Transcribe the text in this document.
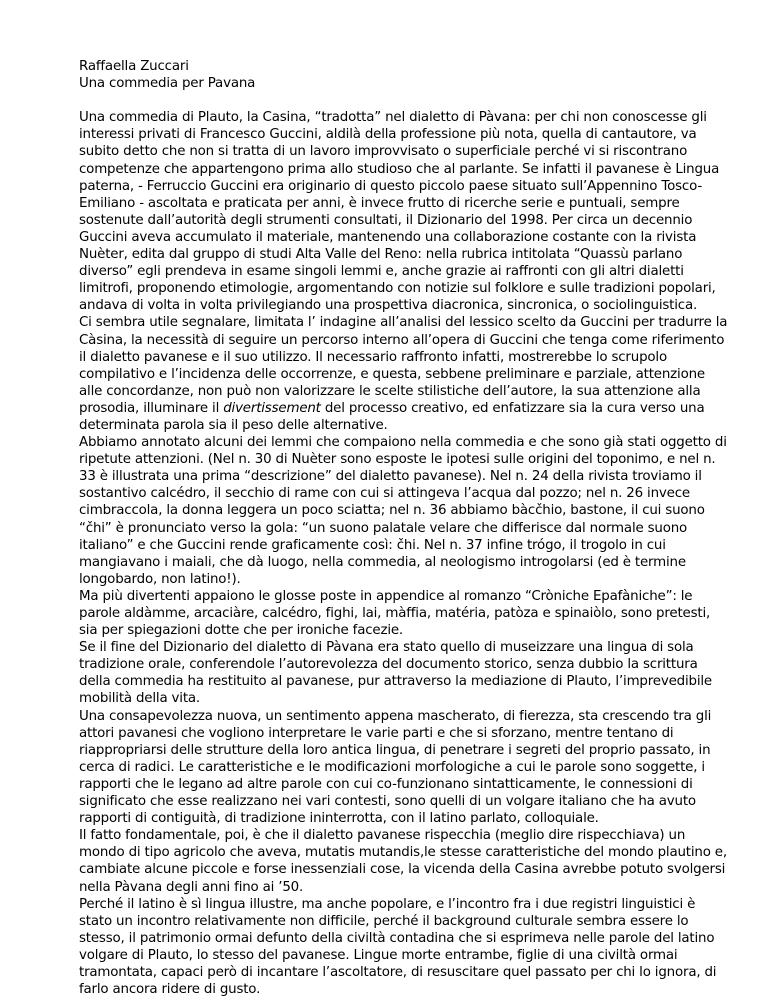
Raffaella Zuccari
Una commedia per Pavana

Una commedia di Plauto, la Casina, “tradotta” nel dialetto di Pàvana: per chi non conoscesse gli interessi privati di Francesco Guccini, aldilà della professione più nota, quella di cantautore, va subito detto che non si tratta di un lavoro improvvisato o superficiale perché vi si riscontrano competenze che appartengono prima allo studioso che al parlante. Se infatti il pavanese è Lingua paterna, - Ferruccio Guccini era originario di questo piccolo paese situato sull’Appennino Tosco-Emiliano - ascoltata e praticata per anni, è invece frutto di ricerche serie e puntuali, sempre sostenute dall’autorità degli strumenti consultati, il Dizionario del 1998. Per circa un decennio Guccini aveva accumulato il materiale, mantenendo una collaborazione costante con la rivista Nuèter, edita dal gruppo di studi Alta Valle del Reno: nella rubrica intitolata “Quassù parlano diverso” egli prendeva in esame singoli lemmi e, anche grazie ai raffronti con gli altri dialetti limitrofi, proponendo etimologie, argomentando con notizie sul folklore e sulle tradizioni popolari, andava di volta in volta privilegiando una prospettiva diacronica, sincronica, o sociolinguistica.

Ci sembra utile segnalare, limitata l’ indagine all’analisi del lessico scelto da Guccini per tradurre la Càsina, la necessità di seguire un percorso interno all’opera di Guccini che tenga come riferimento il dialetto pavanese e il suo utilizzo. Il necessario raffronto infatti, mostrerebbe lo scrupolo compilativo e l’incidenza delle occorrenze, e questa, sebbene preliminare e parziale, attenzione alle concordanze, non può non valorizzare le scelte stilistiche dell’autore, la sua attenzione alla prosodia, illuminare il divertissement del processo creativo, ed enfatizzare sia la cura verso una determinata parola sia il peso delle alternative.

Abbiamo annotato alcuni dei lemmi che compaiono nella commedia e che sono già stati oggetto di ripetute attenzioni. (Nel n. 30 di Nuèter sono esposte le ipotesi sulle origini del toponimo, e nel n. 33 è illustrata una prima “descrizione” del dialetto pavanese). Nel n. 24 della rivista troviamo il sostantivo calcédro, il secchio di rame con cui si attingeva l’acqua dal pozzo; nel n. 26 invece cimbraccola, la donna leggera un poco sciatta; nel n. 36 abbiamo bàcčhio, bastone, il cui suono “čhi” è pronunciato verso la gola: “un suono palatale velare che differisce dal normale suono italiano” e che Guccini rende graficamente così: čhi. Nel n. 37 infine trógo, il trogolo in cui mangiavano i maiali, che dà luogo, nella commedia, al neologismo introgolarsi (ed è termine longobardo, non latino!).

Ma più divertenti appaiono le glosse poste in appendice al romanzo “Cròniche Epafàniche”: le parole aldàmme, arcaciàre, calcédro, fighi, lai, màffia, matéria, patòza e spinaiòlo, sono pretesti, sia per spiegazioni dotte che per ironiche facezie.

Se il fine del Dizionario del dialetto di Pàvana era stato quello di museizzare una lingua di sola tradizione orale, conferendole l’autorevolezza del documento storico, senza dubbio la scrittura della commedia ha restituito al pavanese, pur attraverso la mediazione di Plauto, l’imprevedibile mobilità della vita.

Una consapevolezza nuova, un sentimento appena mascherato, di fierezza, sta crescendo tra gli attori pavanesi che vogliono interpretare le varie parti e che si sforzano, mentre tentano di riappropriarsi delle strutture della loro antica lingua, di penetrare i segreti del proprio passato, in cerca di radici. Le caratteristiche e le modificazioni morfologiche a cui le parole sono soggette, i rapporti che le legano ad altre parole con cui co-funzionano sintatticamente, le connessioni di significato che esse realizzano nei vari contesti, sono quelli di un volgare italiano che ha avuto rapporti di contiguità, di tradizione ininterrotta, con il latino parlato, colloquiale.

Il fatto fondamentale, poi, è che il dialetto pavanese rispecchia (meglio dire rispecchiava) un mondo di tipo agricolo che aveva, mutatis mutandis,le stesse caratteristiche del mondo plautino e, cambiate alcune piccole e forse inessenziali cose, la vicenda della Casina avrebbe potuto svolgersi nella Pàvana degli anni fino ai ’50.

Perché il latino è sì lingua illustre, ma anche popolare, e l’incontro fra i due registri linguistici è stato un incontro relativamente non difficile, perché il background culturale sembra essere lo stesso, il patrimonio ormai defunto della civiltà contadina che si esprimeva nelle parole del latino volgare di Plauto, lo stesso del pavanese. Lingue morte entrambe, figlie di una civiltà ormai tramontata, capaci però di incantare l’ascoltatore, di resuscitare quel passato per chi lo ignora, di farlo ancora ridere di gusto.
